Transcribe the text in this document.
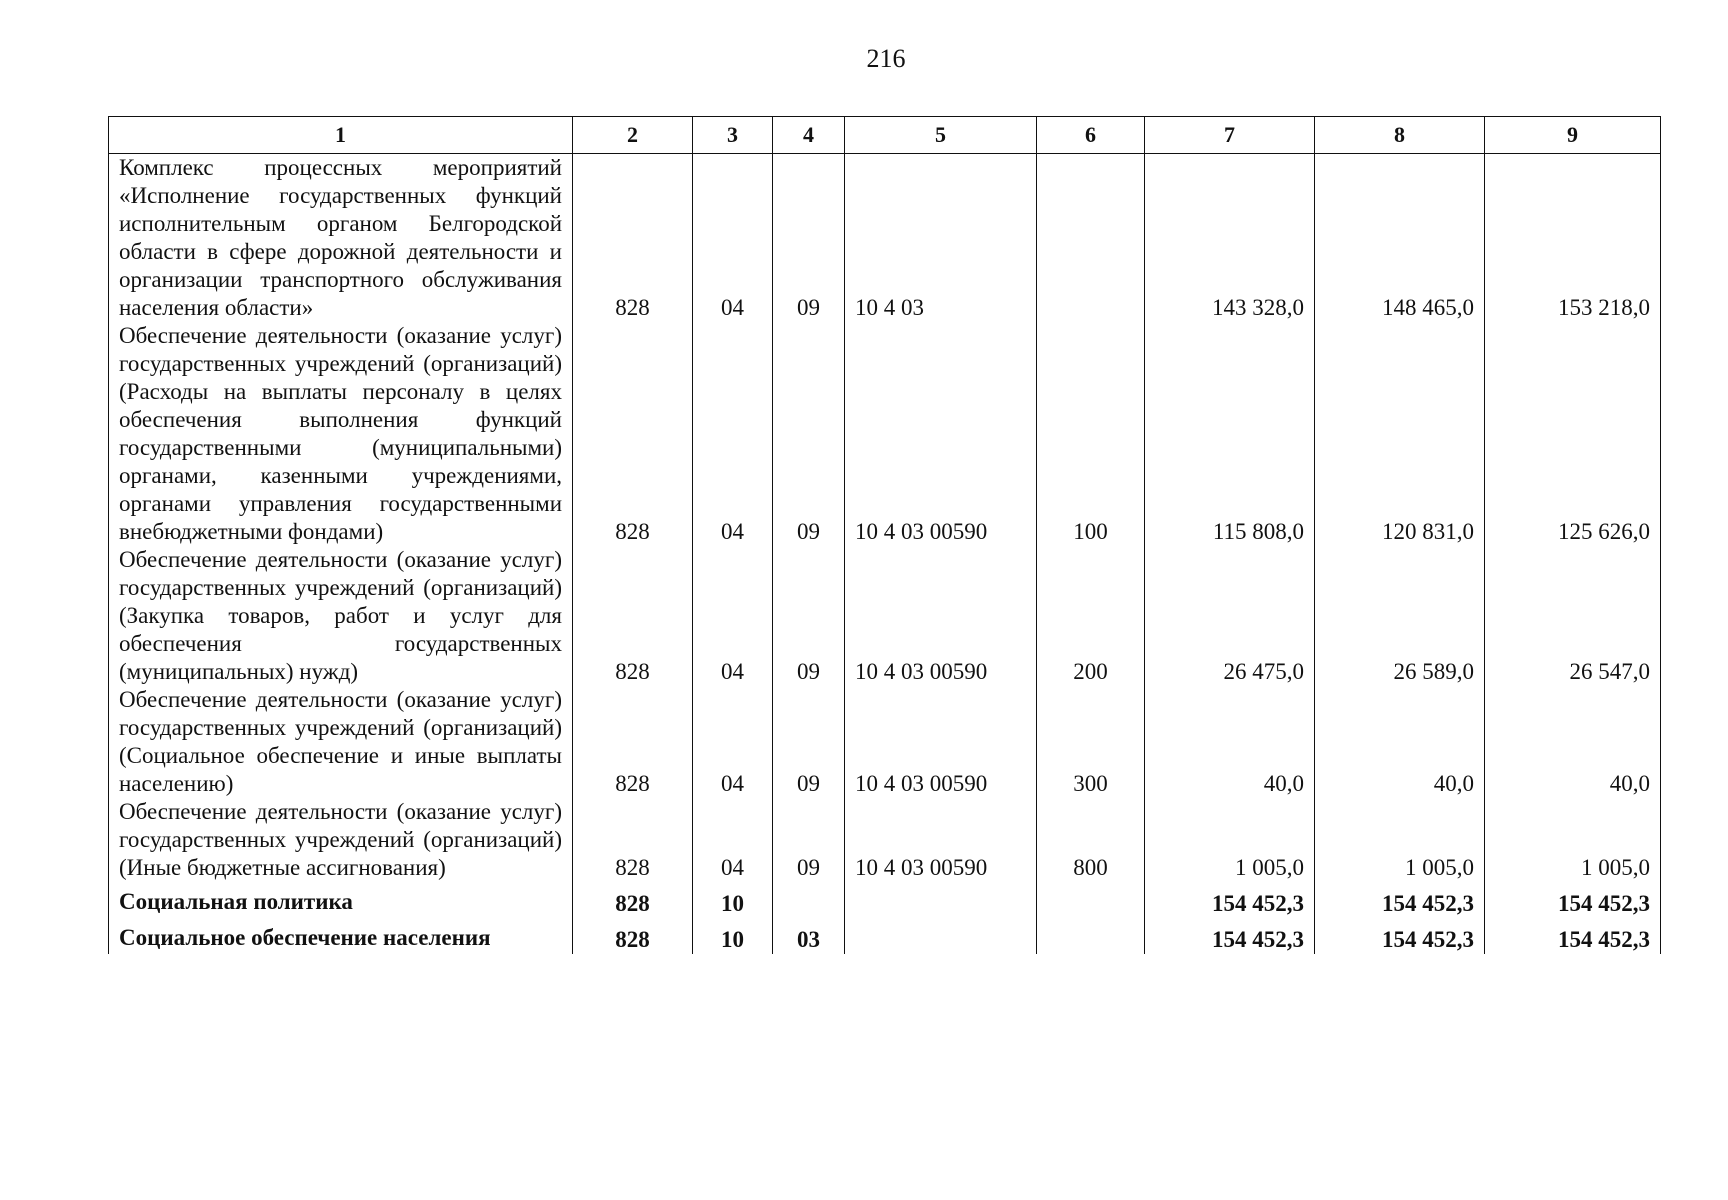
216
1	2	3	4	5	6	7	8	9
Комплекс процессных мероприятий «Исполнение государственных функций исполнительным органом Белгородской области в сфере дорожной деятельности и организации транспортного обслуживания населения области»	828	04	09	10 4 03		143 328,0	148 465,0	153 218,0
Обеспечение деятельности (оказание услуг) государственных учреждений (организаций) (Расходы на выплаты персоналу в целях обеспечения выполнения функций государственными (муниципальными) органами, казенными учреждениями, органами управления государственными внебюджетными фондами)	828	04	09	10 4 03 00590	100	115 808,0	120 831,0	125 626,0
Обеспечение деятельности (оказание услуг) государственных учреждений (организаций) (Закупка товаров, работ и услуг для обеспечения государственных (муниципальных) нужд)	828	04	09	10 4 03 00590	200	26 475,0	26 589,0	26 547,0
Обеспечение деятельности (оказание услуг) государственных учреждений (организаций) (Социальное обеспечение и иные выплаты населению)	828	04	09	10 4 03 00590	300	40,0	40,0	40,0
Обеспечение деятельности (оказание услуг) государственных учреждений (организаций) (Иные бюджетные ассигнования)	828	04	09	10 4 03 00590	800	1 005,0	1 005,0	1 005,0
Социальная политика	828	10				154 452,3	154 452,3	154 452,3
Социальное обеспечение населения	828	10	03			154 452,3	154 452,3	154 452,3
